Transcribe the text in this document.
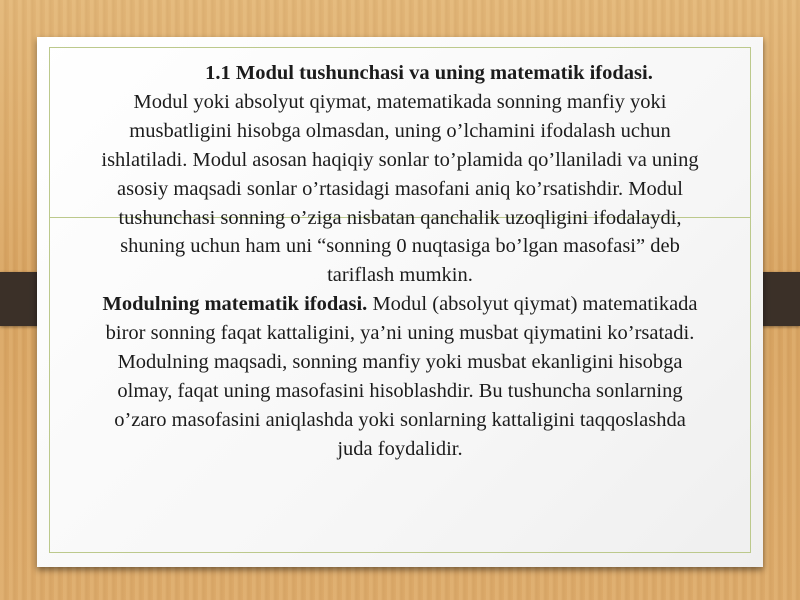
1.1 Modul tushunchasi va uning matematik ifodasi.

Modul yoki absolyut qiymat, matematikada sonning manfiy yoki musbatligini hisobga olmasdan, uning o’lchamini ifodalash uchun ishlatiladi. Modul asosan haqiqiy sonlar to’plamida qo’llaniladi va uning asosiy maqsadi sonlar o’rtasidagi masofani aniq ko’rsatishdir. Modul tushunchasi sonning o’ziga nisbatan qanchalik uzoqligini ifodalaydi, shuning uchun ham uni “sonning 0 nuqtasiga bo’lgan masofasi” deb tariflash mumkin.

Modulning matematik ifodasi. Modul (absolyut qiymat) matematikada biror sonning faqat kattaligini, ya’ni uning musbat qiymatini ko’rsatadi. Modulning maqsadi, sonning manfiy yoki musbat ekanligini hisobga olmay, faqat uning masofasini hisoblashdir. Bu tushuncha sonlarning o’zaro masofasini aniqlashda yoki sonlarning kattaligini taqqoslashda juda foydalidir.
